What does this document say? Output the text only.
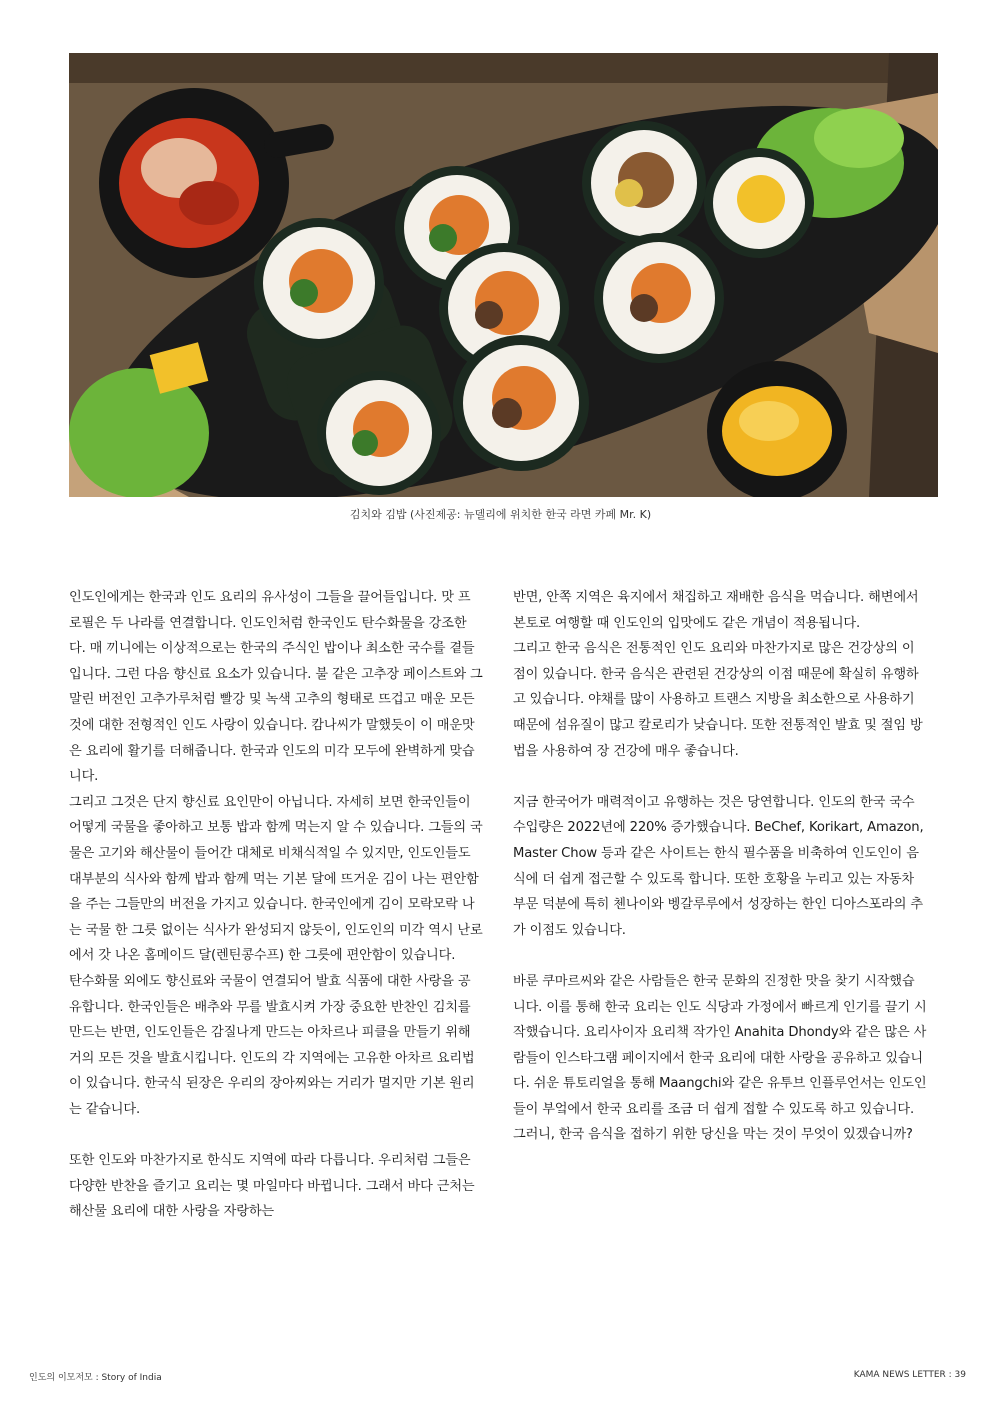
김치와 김밥 (사진제공: 뉴델리에 위치한 한국 라면 카페 Mr. K)

인도인에게는 한국과 인도 요리의 유사성이 그들을 끌어들입니다. 맛 프로필은 두 나라를 연결합니다. 인도인처럼 한국인도 탄수화물을 강조한다. 매 끼니에는 이상적으로는 한국의 주식인 밥이나 최소한 국수를 곁들입니다. 그런 다음 향신료 요소가 있습니다. 불 같은 고추장 페이스트와 그 말린 버전인 고추가루처럼 빨강 및 녹색 고추의 형태로 뜨겁고 매운 모든 것에 대한 전형적인 인도 사랑이 있습니다. 캄나씨가 말했듯이 이 매운맛은 요리에 활기를 더해줍니다. 한국과 인도의 미각 모두에 완벽하게 맞습니다.

그리고 그것은 단지 향신료 요인만이 아닙니다. 자세히 보면 한국인들이 어떻게 국물을 좋아하고 보통 밥과 함께 먹는지 알 수 있습니다. 그들의 국물은 고기와 해산물이 들어간 대체로 비채식적일 수 있지만, 인도인들도 대부분의 식사와 함께 밥과 함께 먹는 기본 달에 뜨거운 김이 나는 편안함을 주는 그들만의 버전을 가지고 있습니다. 한국인에게 김이 모락모락 나는 국물 한 그릇 없이는 식사가 완성되지 않듯이, 인도인의 미각 역시 난로에서 갓 나온 홈메이드 달(렌틴콩수프) 한 그릇에 편안함이 있습니다.

탄수화물 외에도 향신료와 국물이 연결되어 발효 식품에 대한 사랑을 공유합니다. 한국인들은 배추와 무를 발효시켜 가장 중요한 반찬인 김치를 만드는 반면, 인도인들은 감질나게 만드는 아차르나 피클을 만들기 위해 거의 모든 것을 발효시킵니다. 인도의 각 지역에는 고유한 아차르 요리법이 있습니다. 한국식 된장은 우리의 장아찌와는 거리가 멀지만 기본 원리는 같습니다.

또한 인도와 마찬가지로 한식도 지역에 따라 다릅니다. 우리처럼 그들은 다양한 반찬을 즐기고 요리는 몇 마일마다 바뀝니다. 그래서 바다 근처는 해산물 요리에 대한 사랑을 자랑하는

반면, 안쪽 지역은 육지에서 채집하고 재배한 음식을 먹습니다. 해변에서 본토로 여행할 때 인도인의 입맛에도 같은 개념이 적용됩니다.

그리고 한국 음식은 전통적인 인도 요리와 마찬가지로 많은 건강상의 이점이 있습니다. 한국 음식은 관련된 건강상의 이점 때문에 확실히 유행하고 있습니다. 야채를 많이 사용하고 트랜스 지방을 최소한으로 사용하기 때문에 섬유질이 많고 칼로리가 낮습니다. 또한 전통적인 발효 및 절임 방법을 사용하여 장 건강에 매우 좋습니다.

지금 한국어가 매력적이고 유행하는 것은 당연합니다. 인도의 한국 국수 수입량은 2022년에 220% 증가했습니다. BeChef, Korikart, Amazon, Master Chow 등과 같은 사이트는 한식 필수품을 비축하여 인도인이 음식에 더 쉽게 접근할 수 있도록 합니다. 또한 호황을 누리고 있는 자동차 부문 덕분에 특히 첸나이와 벵갈루루에서 성장하는 한인 디아스포라의 추가 이점도 있습니다.

바룬 쿠마르씨와 같은 사람들은 한국 문화의 진정한 맛을 찾기 시작했습니다. 이를 통해 한국 요리는 인도 식당과 가정에서 빠르게 인기를 끌기 시작했습니다. 요리사이자 요리책 작가인 Anahita Dhondy와 같은 많은 사람들이 인스타그램 페이지에서 한국 요리에 대한 사랑을 공유하고 있습니다. 쉬운 튜토리얼을 통해 Maangchi와 같은 유투브 인플루언서는 인도인들이 부엌에서 한국 요리를 조금 더 쉽게 접할 수 있도록 하고 있습니다. 그러니, 한국 음식을 접하기 위한 당신을 막는 것이 무엇이 있겠습니까?

인도의 이모저모 : Story of India	KAMA NEWS LETTER : 39
